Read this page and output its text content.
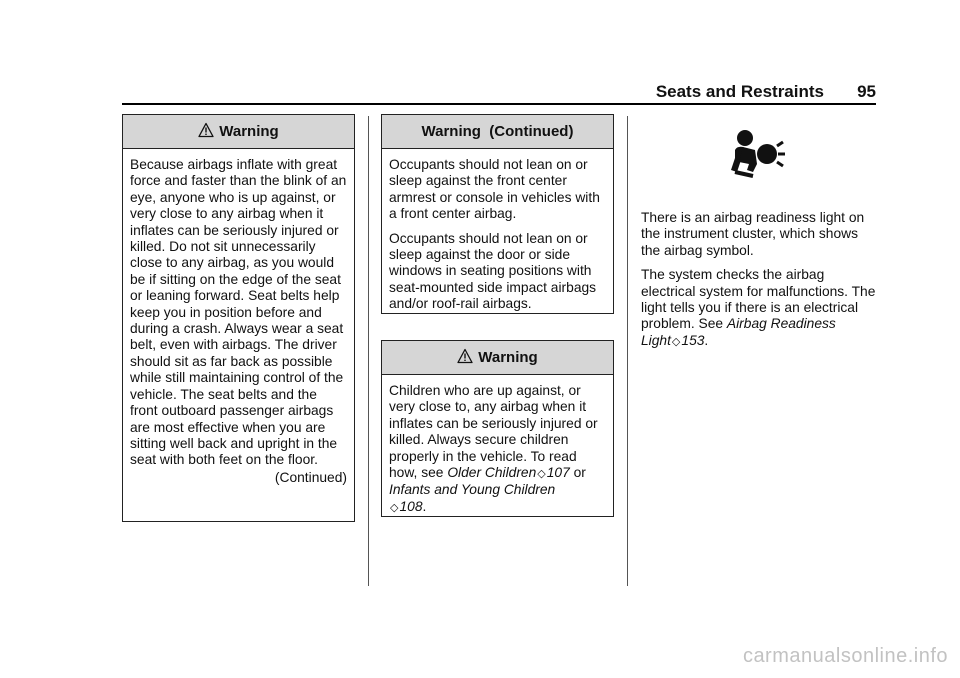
Seats and Restraints 95
Warning

Because airbags inflate with great force and faster than the blink of an eye, anyone who is up against, or very close to any airbag when it inflates can be seriously injured or killed. Do not sit unnecessarily close to any airbag, as you would be if sitting on the edge of the seat or leaning forward. Seat belts help keep you in position before and during a crash. Always wear a seat belt, even with airbags. The driver should sit as far back as possible while still maintaining control of the vehicle. The seat belts and the front outboard passenger airbags are most effective when you are sitting well back and upright in the seat with both feet on the floor.

(Continued)
Warning  (Continued)

Occupants should not lean on or sleep against the front center armrest or console in vehicles with a front center airbag.

Occupants should not lean on or sleep against the door or side windows in seating positions with seat-mounted side impact airbags and/or roof-rail airbags.

Warning

Children who are up against, or very close to, any airbag when it inflates can be seriously injured or killed. Always secure children properly in the vehicle. To read how, see Older Children◇107 or Infants and Young Children
◇108.

There is an airbag readiness light on the instrument cluster, which shows the airbag symbol.

The system checks the airbag electrical system for malfunctions. The light tells you if there is an electrical problem. See Airbag Readiness Light◇153.

carmanualsonline.info
